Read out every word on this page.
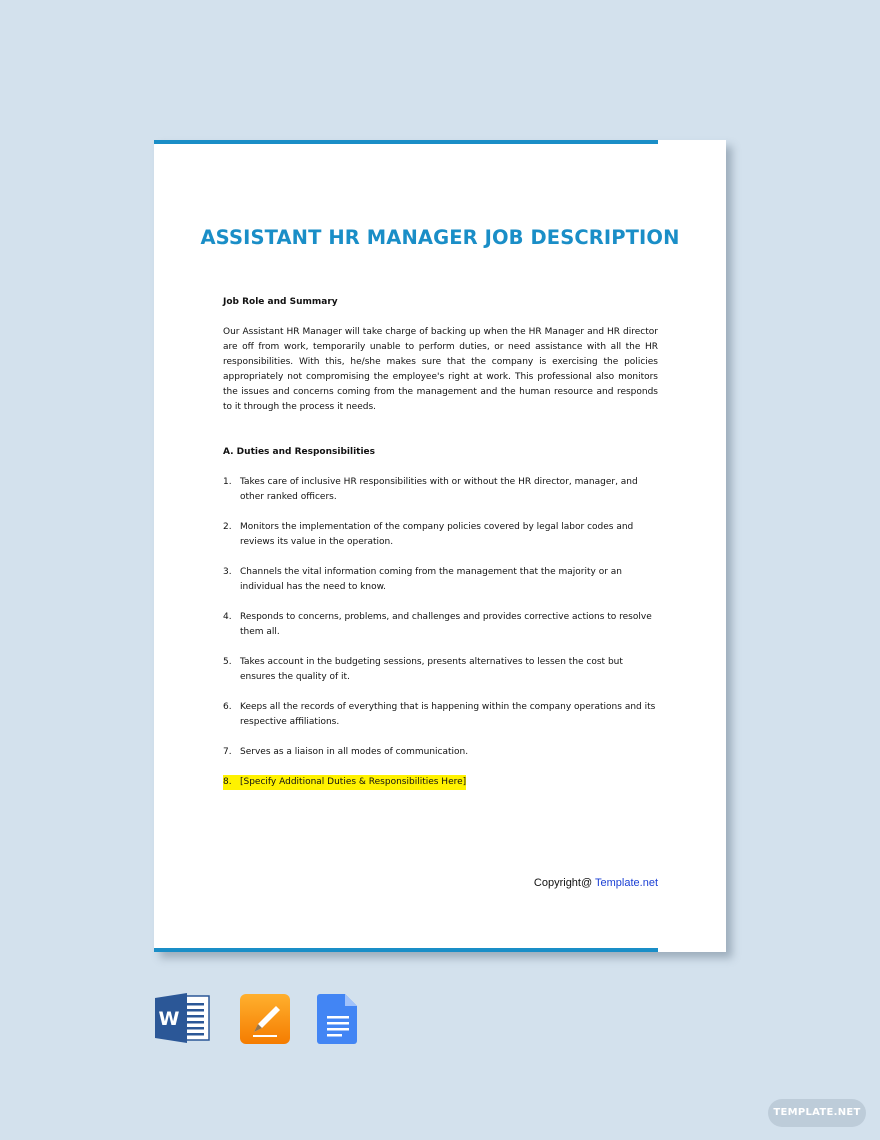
ASSISTANT HR MANAGER JOB DESCRIPTION

Job Role and Summary

Our Assistant HR Manager will take charge of backing up when the HR Manager and HR director are off from work, temporarily unable to perform duties, or need assistance with all the HR responsibilities. With this, he/she makes sure that the company is exercising the policies appropriately not compromising the employee's right at work. This professional also monitors the issues and concerns coming from the management and the human resource and responds to it through the process it needs.

A. Duties and Responsibilities

1. Takes care of inclusive HR responsibilities with or without the HR director, manager, and other ranked officers.
2. Monitors the implementation of the company policies covered by legal labor codes and reviews its value in the operation.
3. Channels the vital information coming from the management that the majority or an individual has the need to know.
4. Responds to concerns, problems, and challenges and provides corrective actions to resolve them all.
5. Takes account in the budgeting sessions, presents alternatives to lessen the cost but ensures the quality of it.
6. Keeps all the records of everything that is happening within the company operations and its respective affiliations.
7. Serves as a liaison in all modes of communication.
8. [Specify Additional Duties & Responsibilities Here]
Copyright@ Template.net
W
TEMPLATE.NET
